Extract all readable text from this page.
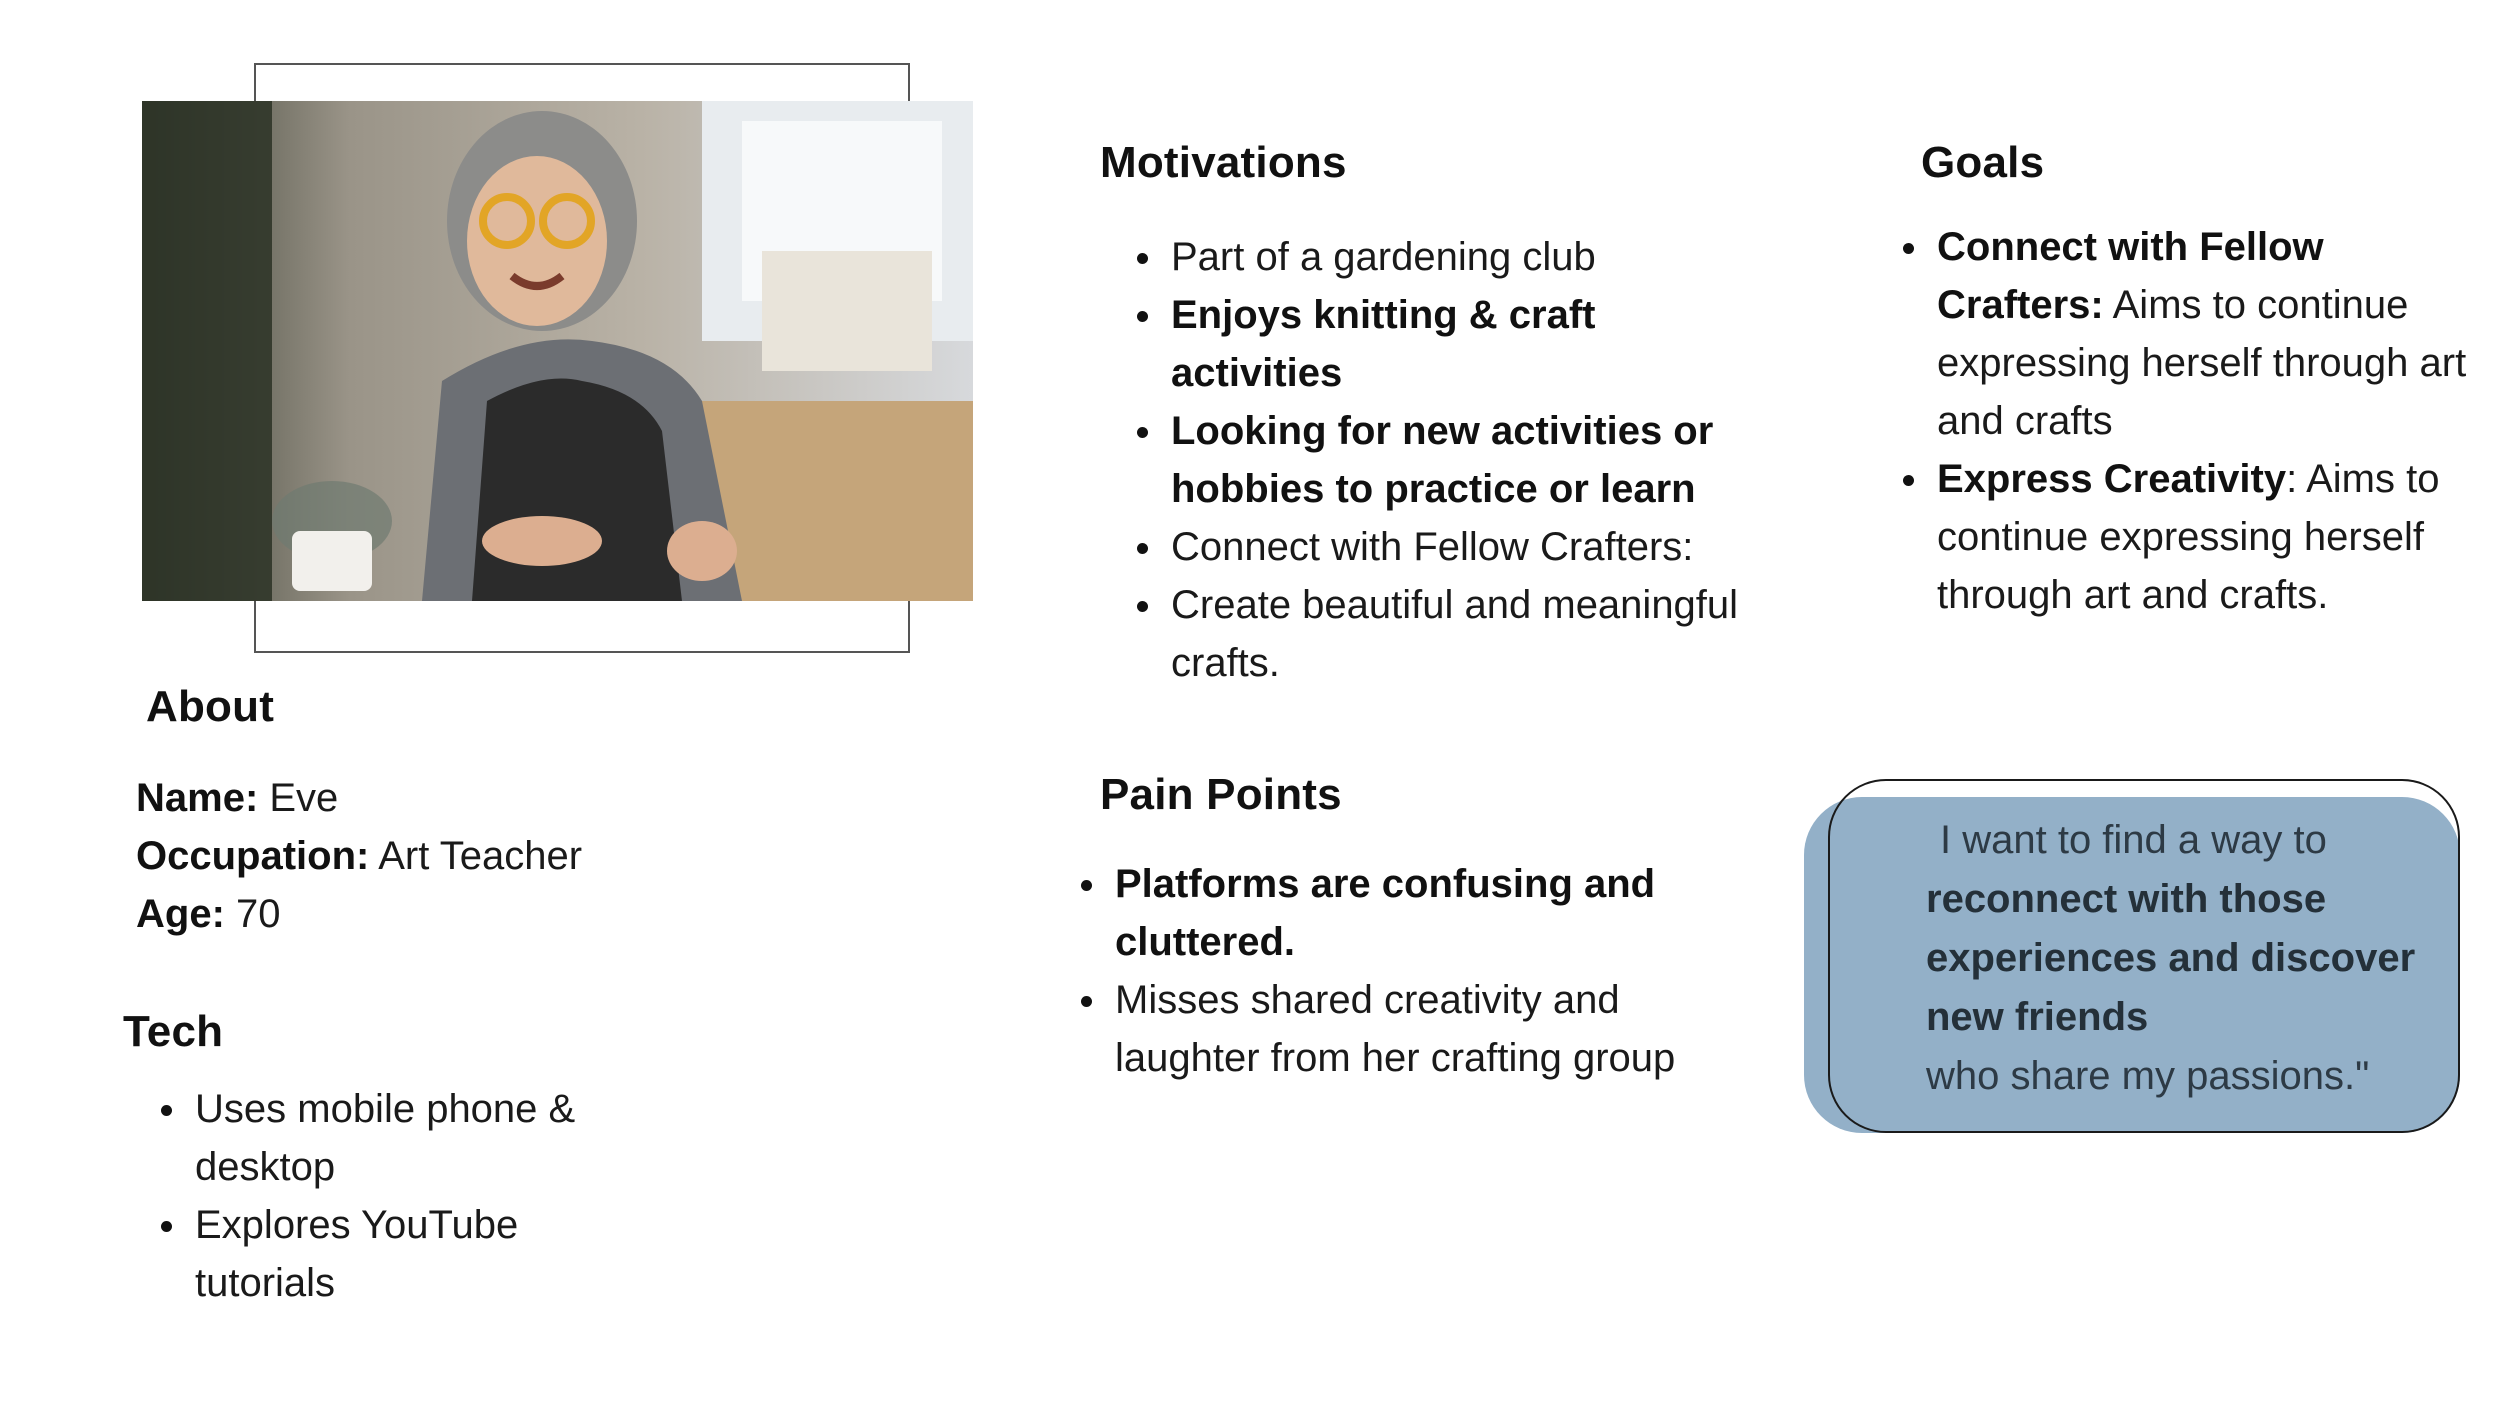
About
Name: Eve
Occupation: Art Teacher
Age: 70
Tech
Uses mobile phone & desktop
Explores YouTube tutorials
Motivations
Part of a gardening club
Enjoys knitting & craft activities
Looking for new activities or hobbies to practice or learn
Connect with Fellow Crafters:
Create beautiful and meaningful crafts.
Pain Points
Platforms are confusing and cluttered.
Misses shared creativity and laughter from her crafting group
Goals
Connect with Fellow Crafters: Aims to continue expressing herself through art and crafts
Express Creativity: Aims to continue expressing herself through art and crafts.
I want to find a way to
reconnect with those experiences and discover new friends
who share my passions."
